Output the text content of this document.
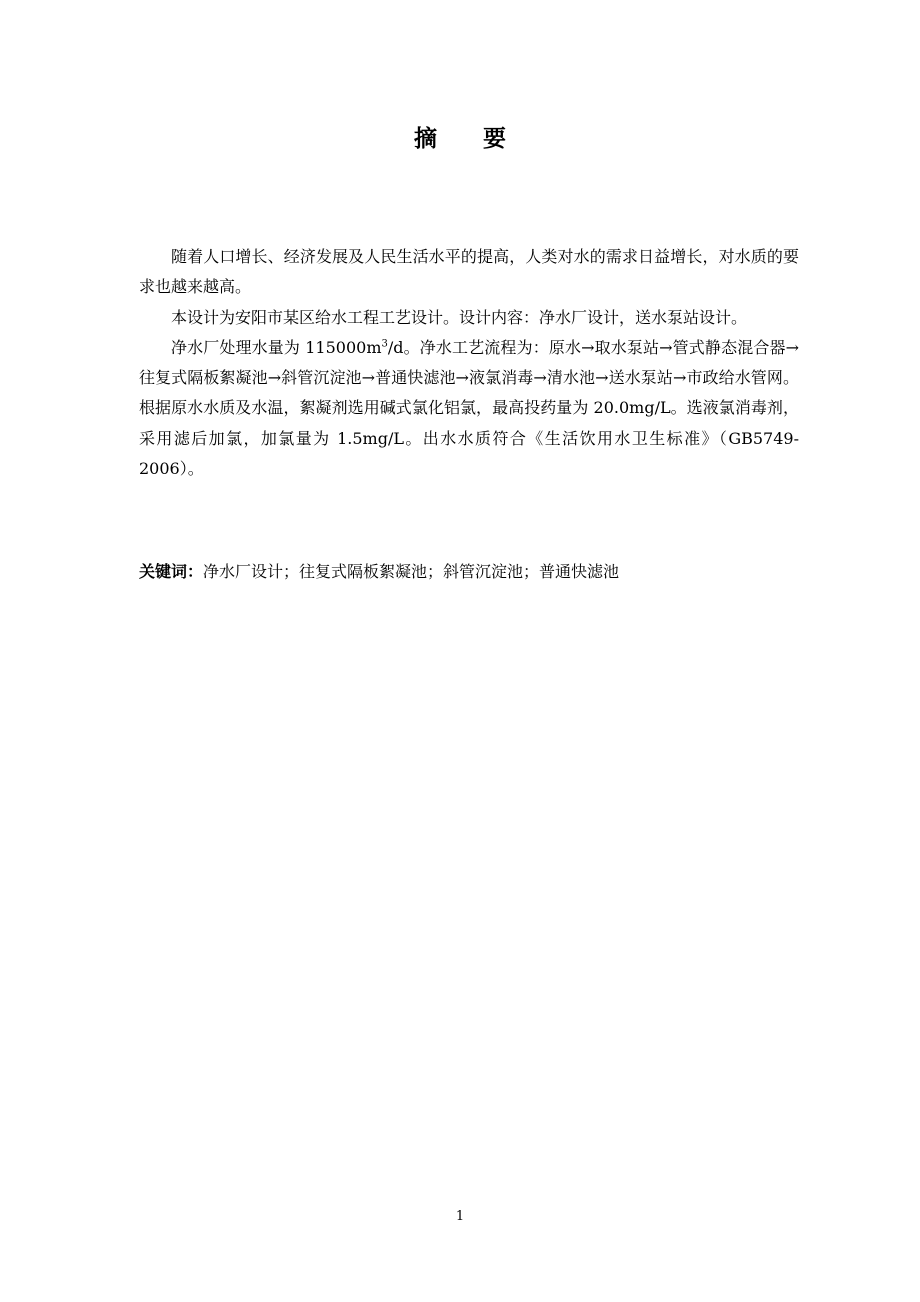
摘 要

随着人口增长、经济发展及人民生活水平的提高，人类对水的需求日益增长，对水质的要求也越来越高。

本设计为安阳市某区给水工程工艺设计。设计内容：净水厂设计，送水泵站设计。

净水厂处理水量为 $115000m^3/d$。净水工艺流程为：原水→取水泵站→管式静态混合器→往复式隔板絮凝池→斜管沉淀池→普通快滤池→液氯消毒→清水池→送水泵站→市政给水管网。根据原水水质及水温，絮凝剂选用碱式氯化铝氯，最高投药量为 20.0mg/L。选液氯消毒剂，采用滤后加氯，加氯量为 1.5mg/L。出水水质符合《生活饮用水卫生标准》（GB5749-2006）。

关键词：净水厂设计；往复式隔板絮凝池；斜管沉淀池；普通快滤池
1
